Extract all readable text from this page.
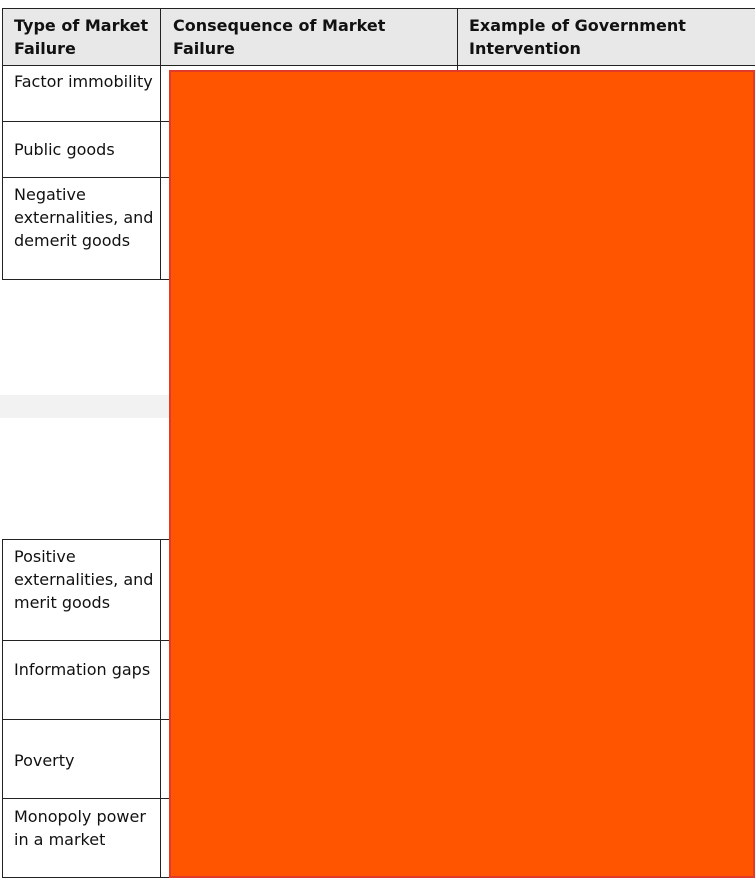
Type of Market Failure
Consequence of Market Failure
Example of Government Intervention
Factor immobility
Public goods
Negative externalities, and demerit goods
Positive externalities, and merit goods
Information gaps
Poverty
Monopoly power in a market
